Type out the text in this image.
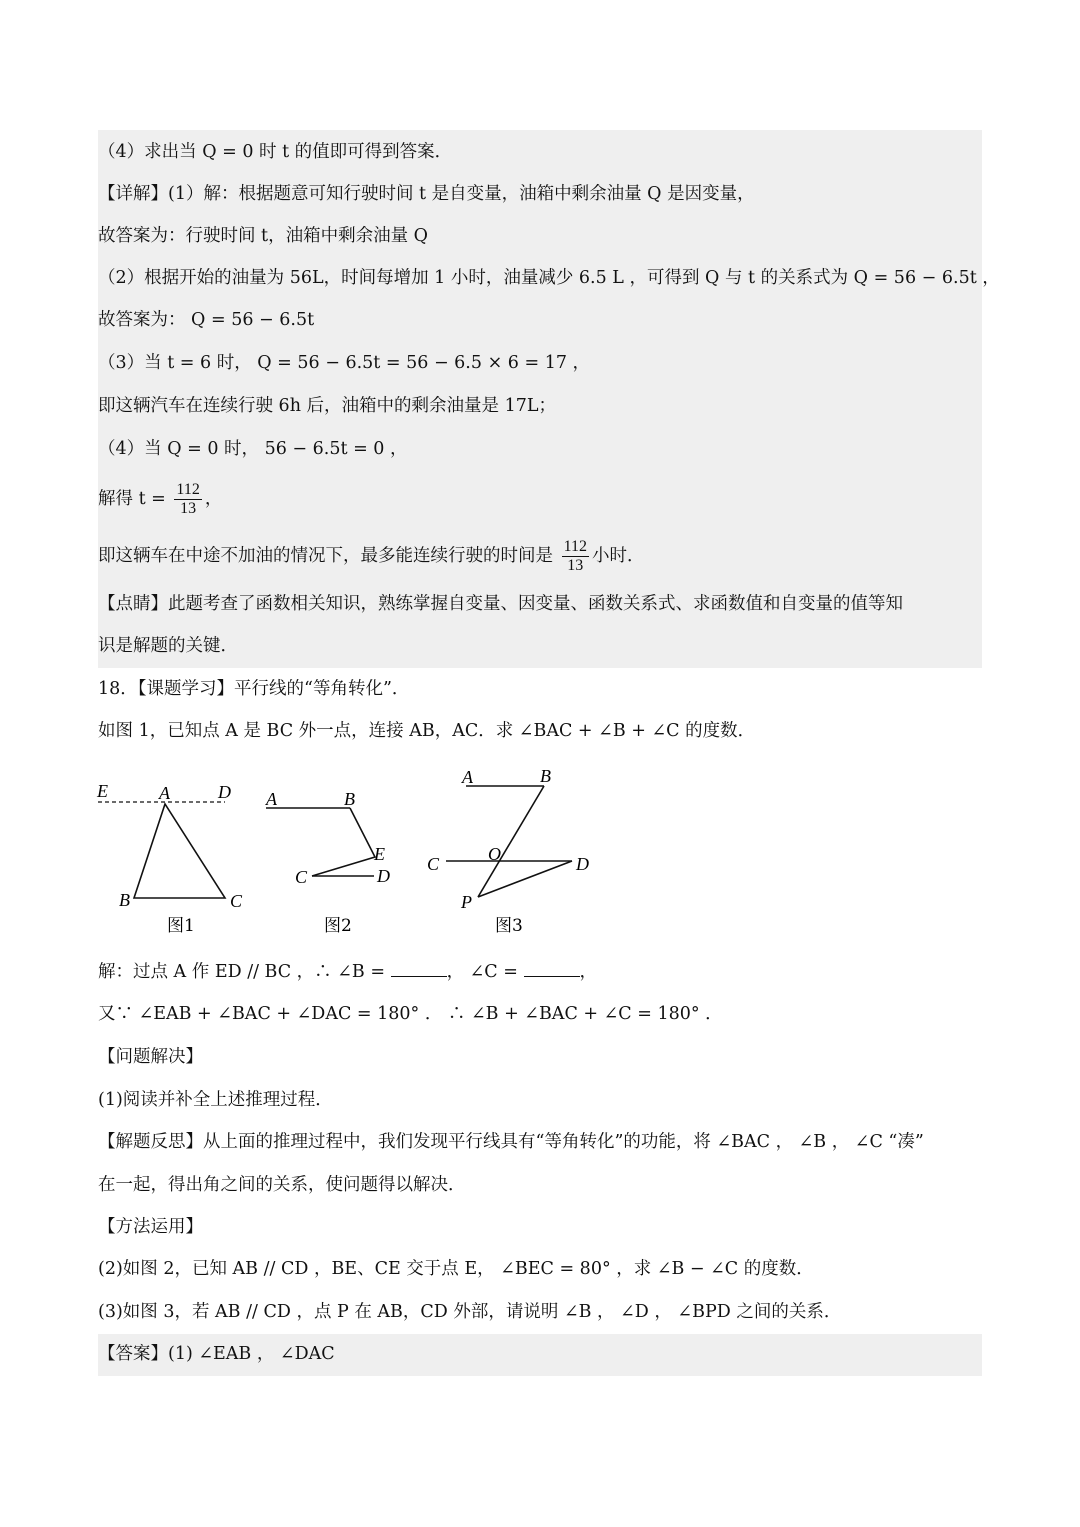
（4）求出当 Q = 0 时 t 的值即可得到答案．
【详解】(1）解：根据题意可知行驶时间 t 是自变量，油箱中剩余油量 Q 是因变量，
故答案为：行驶时间 t，油箱中剩余油量 Q
（2）根据开始的油量为 56L，时间每增加 1 小时，油量减少 6.5 L ，可得到 Q 与 t 的关系式为 Q = 56 − 6.5t ，
故答案为： Q = 56 − 6.5t
（3）当 t = 6 时， Q = 56 − 6.5t = 56 − 6.5 × 6 = 17 ，
即这辆汽车在连续行驶 6h 后，油箱中的剩余油量是 17L；
（4）当 Q = 0 时， 56 − 6.5t = 0 ，
解得 $t = \frac{112}{13}$ ，
即这辆车在中途不加油的情况下，最多能连续行驶的时间是 $\frac{112}{13}$ 小时．
【点睛】此题考查了函数相关知识，熟练掌握自变量、因变量、函数关系式、求函数值和自变量的值等知
识是解题的关键．
18．【课题学习】平行线的“等角转化”．
如图 1，已知点 A 是 BC 外一点，连接 AB，AC．求 ∠BAC + ∠B + ∠C 的度数．
E	A	D
B	C
图1
A	B
E
C	D
图2
A	B
C	O	D
P
图3
解：过点 A 作 ED // BC ，∴ ∠B =	， ∠C =	，
又∵ ∠EAB + ∠BAC + ∠DAC = 180° ． ∴ ∠B + ∠BAC + ∠C = 180° ．
【问题解决】
(1)阅读并补全上述推理过程．
【解题反思】从上面的推理过程中，我们发现平行线具有“等角转化”的功能，将 ∠BAC ， ∠B ， ∠C “凑”
在一起，得出角之间的关系，使问题得以解决．
【方法运用】
(2)如图 2，已知 AB // CD ，BE、CE 交于点 E， ∠BEC = 80° ，求 ∠B − ∠C 的度数．
(3)如图 3，若 AB // CD ，点 P 在 AB，CD 外部，请说明 ∠B ， ∠D ， ∠BPD 之间的关系．
【答案】(1) ∠EAB ， ∠DAC
